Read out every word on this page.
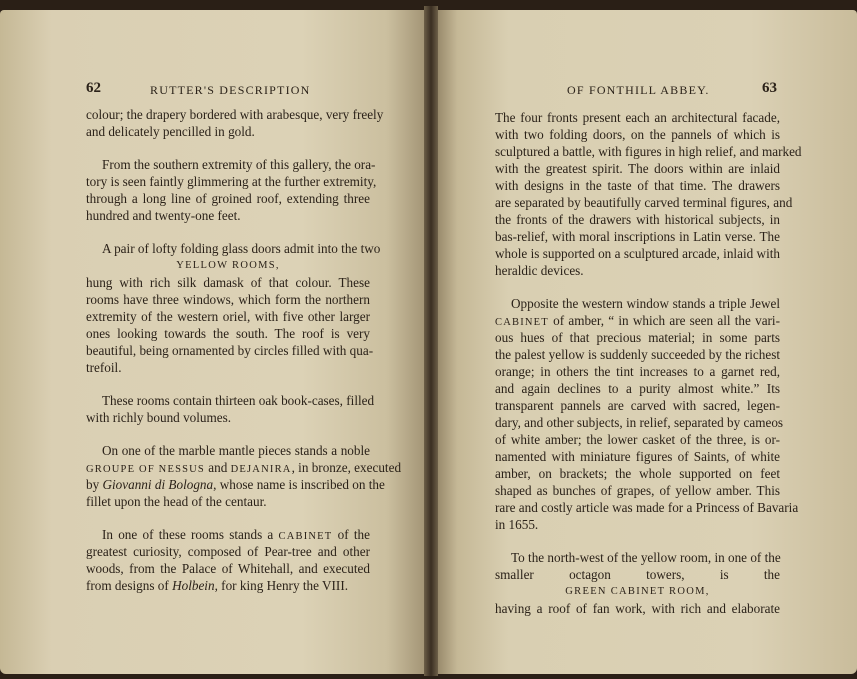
62	RUTTER'S DESCRIPTION
colour; the drapery bordered with arabesque, very freely
and delicately pencilled in gold.
From the southern extremity of this gallery, the ora-
tory is seen faintly glimmering at the further extremity,
through a long line of groined roof, extending three
hundred and twenty-one feet.
A pair of lofty folding glass doors admit into the two
YELLOW ROOMS,
hung with rich silk damask of that colour. These
rooms have three windows, which form the northern
extremity of the western oriel, with five other larger
ones looking towards the south. The roof is very
beautiful, being ornamented by circles filled with qua-
trefoil.
These rooms contain thirteen oak book-cases, filled
with richly bound volumes.
On one of the marble mantle pieces stands a noble
GROUPE OF NESSUS and DEJANIRA, in bronze, executed
by Giovanni di Bologna, whose name is inscribed on the
fillet upon the head of the centaur.
In one of these rooms stands a CABINET of the
greatest curiosity, composed of Pear-tree and other
woods, from the Palace of Whitehall, and executed
from designs of Holbein, for king Henry the VIII.
OF FONTHILL ABBEY.	63
The four fronts present each an architectural facade,
with two folding doors, on the pannels of which is
sculptured a battle, with figures in high relief, and marked
with the greatest spirit. The doors within are inlaid
with designs in the taste of that time. The drawers
are separated by beautifully carved terminal figures, and
the fronts of the drawers with historical subjects, in
bas-relief, with moral inscriptions in Latin verse. The
whole is supported on a sculptured arcade, inlaid with
heraldic devices.
Opposite the western window stands a triple Jewel
CABINET of amber, “ in which are seen all the vari-
ous hues of that precious material; in some parts
the palest yellow is suddenly succeeded by the richest
orange; in others the tint increases to a garnet red,
and again declines to a purity almost white.” Its
transparent pannels are carved with sacred, legen-
dary, and other subjects, in relief, separated by cameos
of white amber; the lower casket of the three, is or-
namented with miniature figures of Saints, of white
amber, on brackets; the whole supported on feet
shaped as bunches of grapes, of yellow amber. This
rare and costly article was made for a Princess of Bavaria
in 1655.
To the north-west of the yellow room, in one of the
smaller octagon towers, is the
GREEN CABINET ROOM,
having a roof of fan work, with rich and elaborate
